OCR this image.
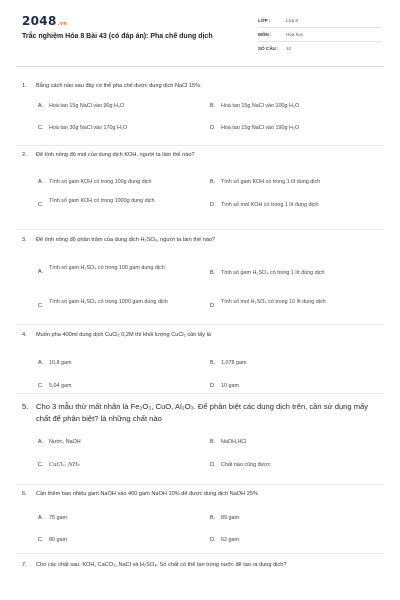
2048.vn
Trắc nghiệm Hóa 8 Bài 43 (có đáp án): Pha chế dung dịch
LỚP :	Lớp 8
MÔN :	Hóa học
SỐ CÂU :	10
1.	Bằng cách nào sau đây có thể pha chế được dung dịch NaCl 15%.
A.	Hoà tan 15g NaCl vào 90g H₂O	B.	Hoà tan 15g NaCl vào 100g H₂O
C.	Hoà tan 30g NaCl vào 170g H₂O	D.	Hoà tan 15g NaCl vào 190g H₂O
2.	Để tính nồng độ mol của dung dịch KOH, người ta làm thế nào?
A.	Tính số gam KOH có trong 100g dung dịch	B.	Tính số gam KOH có trong 1 lít dung dịch
C.
Tính số gam KOH có trong 1000g dung dịch
D.	Tính số mol KOH có trong 1 lít dung dịch
3.	Để tính nồng độ phần trăm của dung dịch H₂SO₄, người ta làm thế nào?
A.
Tính số gam H₂SO₄ có trong 100 gam dung dịch
B.	Tính số gam H₂SO₄ có trong 1 lít dung dịch
C.
Tính số gam H₂SO₄ có trong 1000 gam dung dịch
D.
Tính số mol H₂SO₄ có trong 10 lít dung dịch
4.	Muốn pha 400ml dung dịch CuCl₂ 0,2M thì khối lượng CuCl₂ cần lấy là
A.	10,8 gam	B.	1,078 gam
C.	5,04 gam	D.	10 gam
5.	Cho 3 mẫu thử mất nhãn là Fe₂O₃, CuO, Al₂O₃. Để phân biệt các dung dịch trên, cần sử dụng mấy chất để phân biệt? là những chất nào
A.	Nước, NaOH	B.	NaOH,HCl
C.	CuCl₂, NH₃	D.	Chất nào cũng được
6.	Cần thêm bao nhiêu gam NaOH vào 400 gam NaOH 10% để được dung dịch NaOH 25%
A.	75 gam	B.	89 gam
C.	80 gam	D.	62 gam
7.	Cho các chất sau: KOH, CaCO₃, NaCl và H₂SO₄. Số chất có thể tan trong nước để tạo ra dung dịch?
